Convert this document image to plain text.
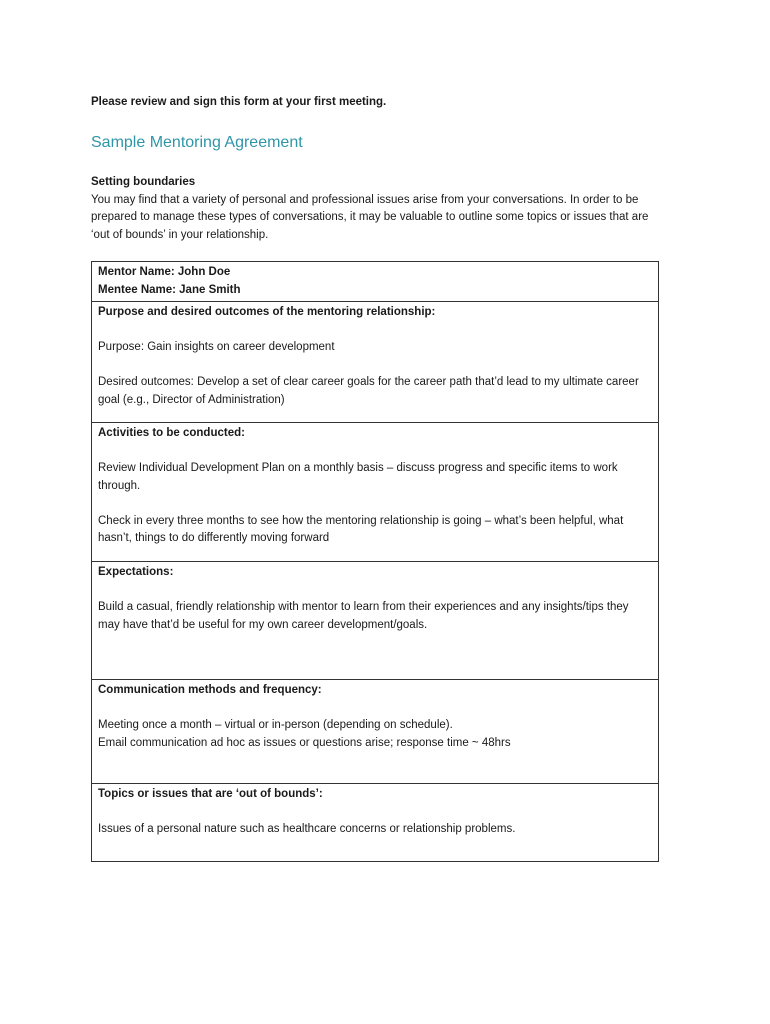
Please review and sign this form at your first meeting.

Sample Mentoring Agreement

Setting boundaries

You may find that a variety of personal and professional issues arise from your conversations. In order to be prepared to manage these types of conversations, it may be valuable to outline some topics or issues that are ‘out of bounds’ in your relationship.

Mentor Name: John Doe
Mentee Name: Jane Smith

Purpose and desired outcomes of the mentoring relationship:
Purpose: Gain insights on career development
Desired outcomes: Develop a set of clear career goals for the career path that’d lead to my ultimate career goal (e.g., Director of Administration)

Activities to be conducted:
Review Individual Development Plan on a monthly basis – discuss progress and specific items to work through.
Check in every three months to see how the mentoring relationship is going – what’s been helpful, what hasn’t, things to do differently moving forward

Expectations:
Build a casual, friendly relationship with mentor to learn from their experiences and any insights/tips they may have that’d be useful for my own career development/goals.

Communication methods and frequency:
Meeting once a month – virtual or in-person (depending on schedule).
Email communication ad hoc as issues or questions arise; response time ~ 48hrs

Topics or issues that are ‘out of bounds’:
Issues of a personal nature such as healthcare concerns or relationship problems.
